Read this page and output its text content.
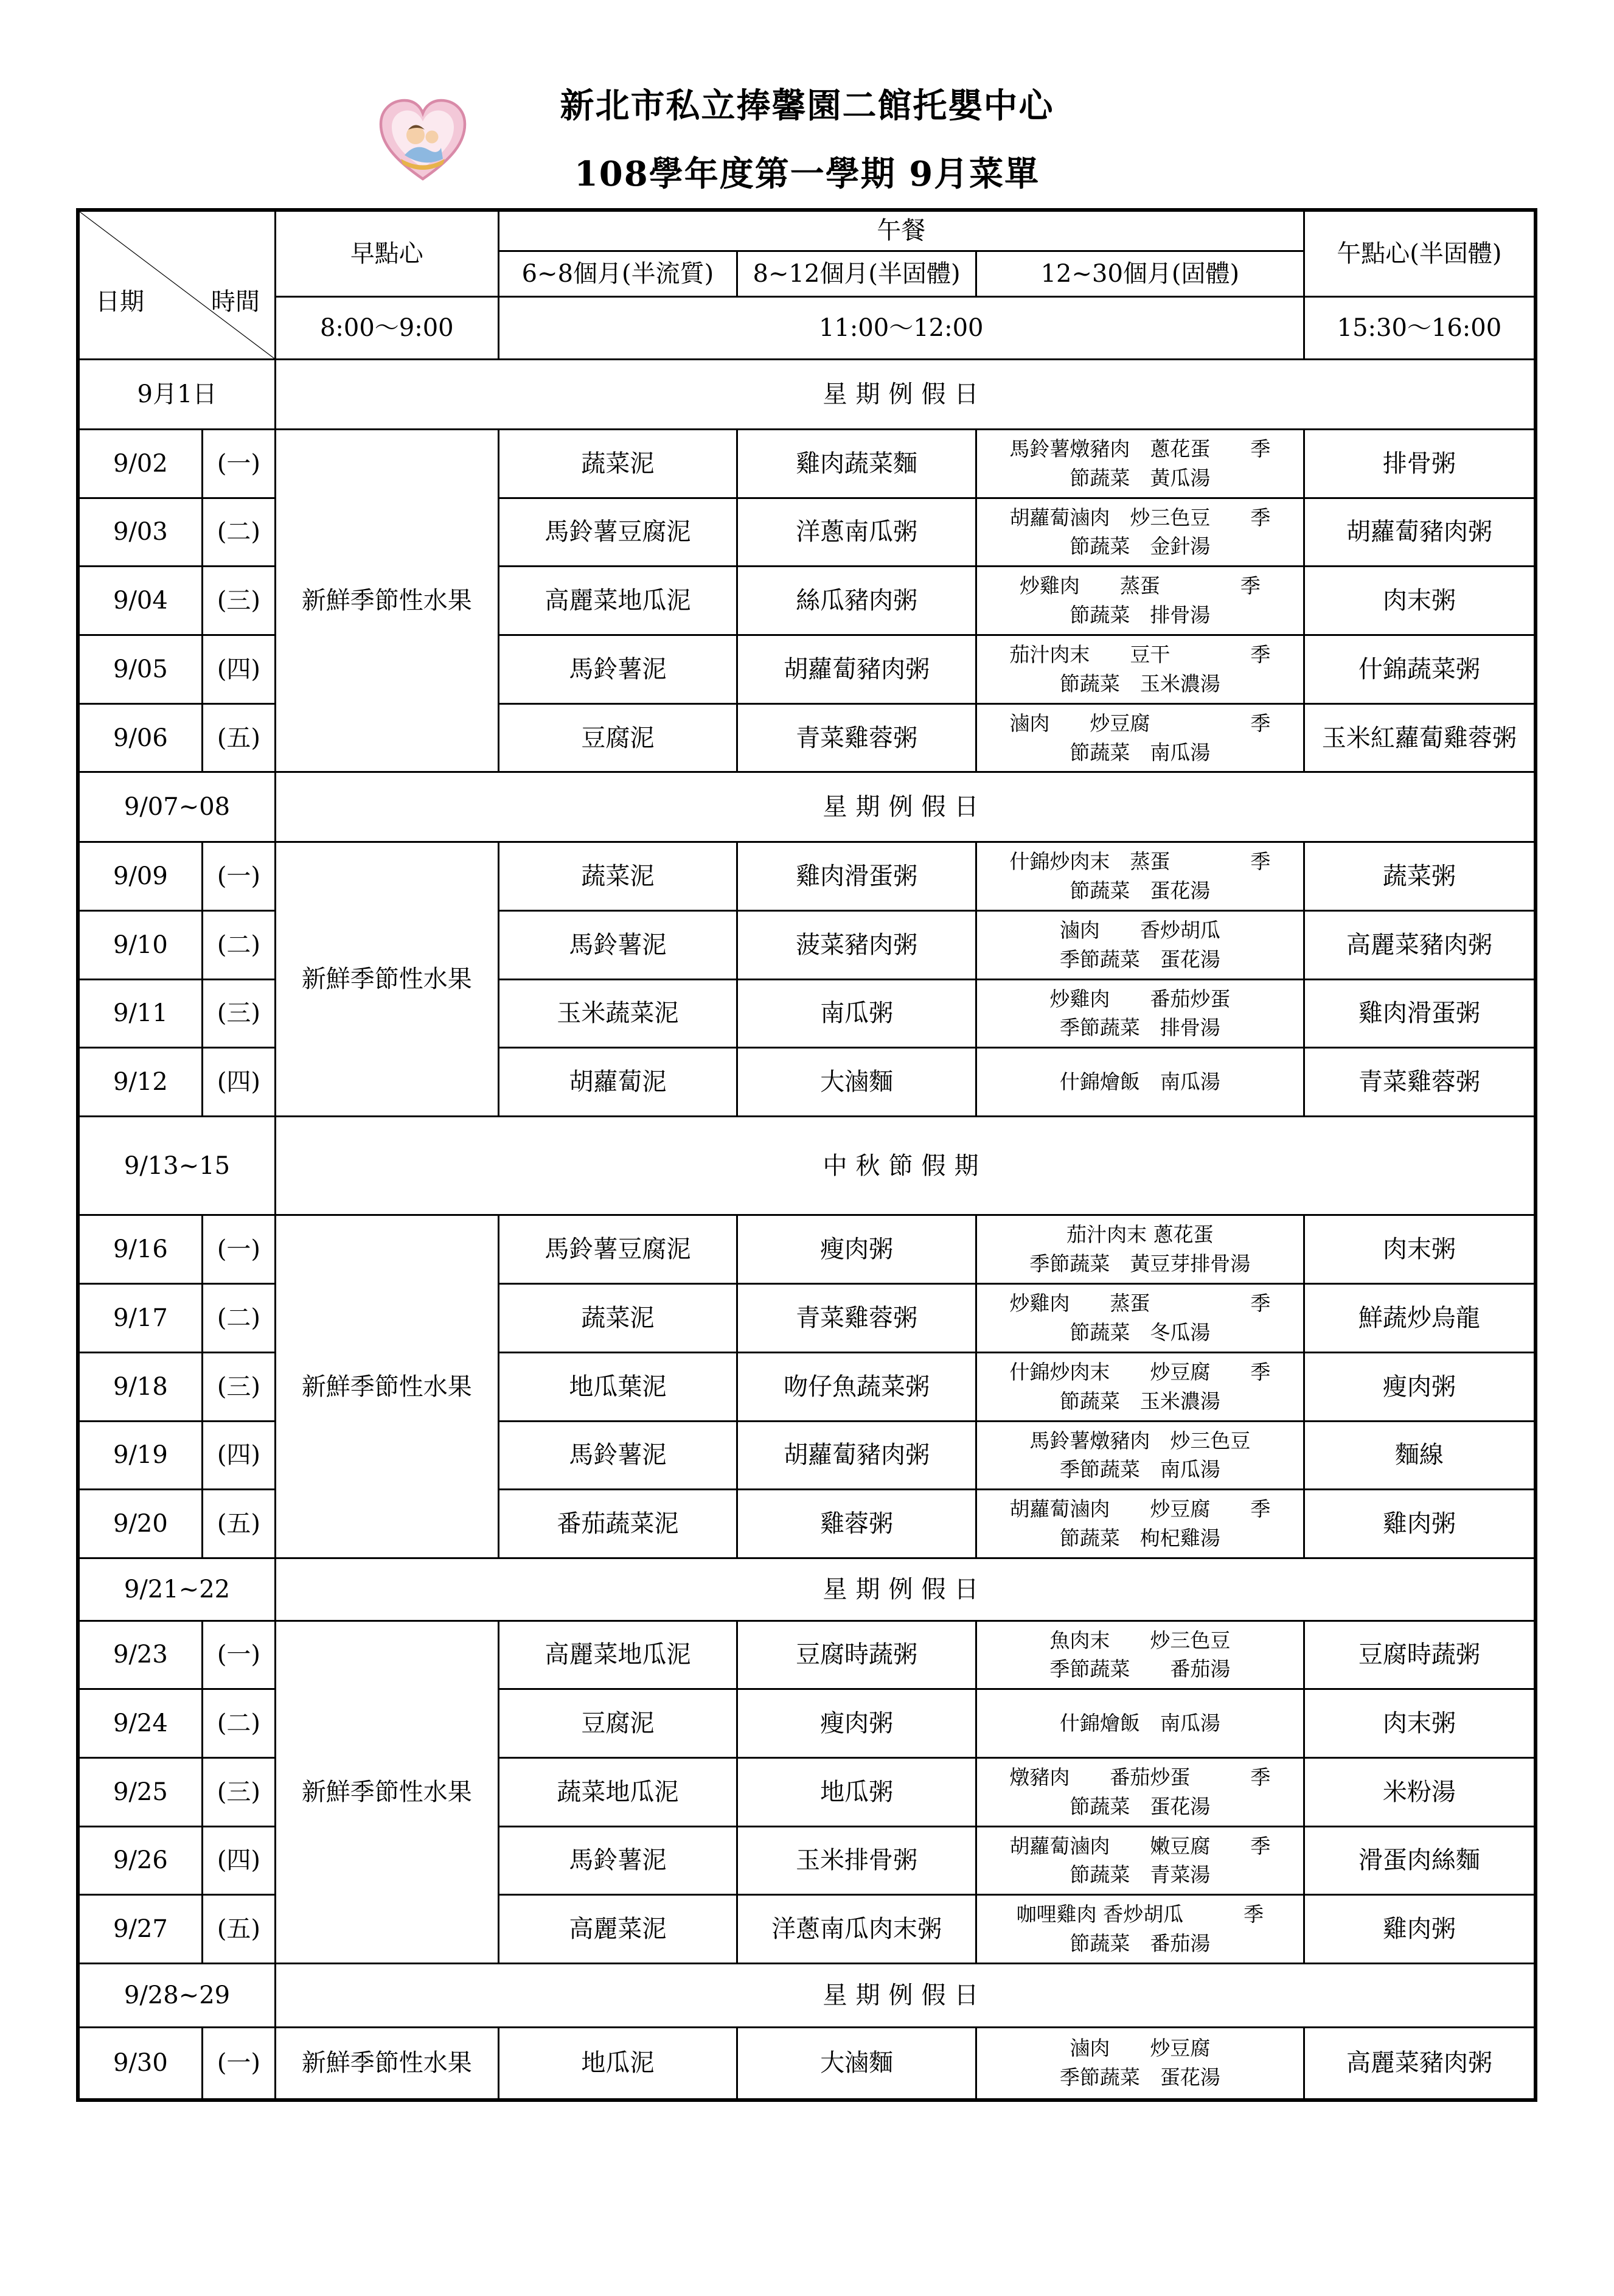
新北市私立捧馨園二館托嬰中心
108學年度第一學期 9月菜單
日期 時間		早點心	午餐			午點心(半固體)
			6~8個月(半流質)	8~12個月(半固體)	12~30個月(固體)	
		8:00～9:00	11:00～12:00			15:30～16:00
9月1日		星期例假日				
9/02	(一)	新鮮季節性水果	蔬菜泥	雞肉蔬菜麵	馬鈴薯燉豬肉　蔥花蛋　　季
節蔬菜　黃瓜湯	排骨粥
9/03	(二)		馬鈴薯豆腐泥	洋蔥南瓜粥	胡蘿蔔滷肉　炒三色豆　　季
節蔬菜　金針湯	胡蘿蔔豬肉粥
9/04	(三)		高麗菜地瓜泥	絲瓜豬肉粥	炒雞肉　　蒸蛋　　　　季
節蔬菜　排骨湯	肉末粥
9/05	(四)		馬鈴薯泥	胡蘿蔔豬肉粥	茄汁肉末　　豆干　　　　季
節蔬菜　玉米濃湯	什錦蔬菜粥
9/06	(五)		豆腐泥	青菜雞蓉粥	滷肉　　炒豆腐　　　　　季
節蔬菜　南瓜湯	玉米紅蘿蔔雞蓉粥
9/07~08		星期例假日				
9/09	(一)	新鮮季節性水果	蔬菜泥	雞肉滑蛋粥	什錦炒肉末　蒸蛋　　　　季
節蔬菜　蛋花湯	蔬菜粥
9/10	(二)		馬鈴薯泥	菠菜豬肉粥	滷肉　　香炒胡瓜
季節蔬菜　蛋花湯	高麗菜豬肉粥
9/11	(三)		玉米蔬菜泥	南瓜粥	炒雞肉　　番茄炒蛋
季節蔬菜　排骨湯	雞肉滑蛋粥
9/12	(四)		胡蘿蔔泥	大滷麵	什錦燴飯　南瓜湯	青菜雞蓉粥
9/13~15		中秋節假期				
9/16	(一)	新鮮季節性水果	馬鈴薯豆腐泥	瘦肉粥	茄汁肉末 蔥花蛋
季節蔬菜　黃豆芽排骨湯	肉末粥
9/17	(二)		蔬菜泥	青菜雞蓉粥	炒雞肉　　蒸蛋　　　　　季
節蔬菜　冬瓜湯	鮮蔬炒烏龍
9/18	(三)		地瓜葉泥	吻仔魚蔬菜粥	什錦炒肉末　　炒豆腐　　季
節蔬菜　玉米濃湯	瘦肉粥
9/19	(四)		馬鈴薯泥	胡蘿蔔豬肉粥	馬鈴薯燉豬肉　炒三色豆
季節蔬菜　南瓜湯	麵線
9/20	(五)		番茄蔬菜泥	雞蓉粥	胡蘿蔔滷肉　　炒豆腐　　季
節蔬菜　枸杞雞湯	雞肉粥
9/21~22		星期例假日				
9/23	(一)	新鮮季節性水果	高麗菜地瓜泥	豆腐時蔬粥	魚肉末　　炒三色豆
季節蔬菜　　番茄湯	豆腐時蔬粥
9/24	(二)		豆腐泥	瘦肉粥	什錦燴飯　南瓜湯	肉末粥
9/25	(三)		蔬菜地瓜泥	地瓜粥	燉豬肉　　番茄炒蛋　　　季
節蔬菜　蛋花湯	米粉湯
9/26	(四)		馬鈴薯泥	玉米排骨粥	胡蘿蔔滷肉　　嫩豆腐　　季
節蔬菜　青菜湯	滑蛋肉絲麵
9/27	(五)		高麗菜泥	洋蔥南瓜肉末粥	咖哩雞肉 香炒胡瓜　　　季
節蔬菜　番茄湯	雞肉粥
9/28~29		星期例假日				
9/30	(一)	新鮮季節性水果	地瓜泥	大滷麵	滷肉　　炒豆腐
季節蔬菜　蛋花湯	高麗菜豬肉粥
